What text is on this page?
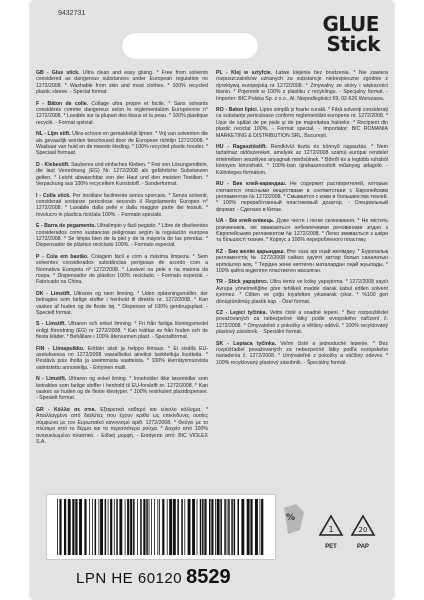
9432731	GLUE
Stick

GB - Glue stick. Ultra clean and easy gluing. * Free from solvents considered as dangerous substances under European regulation no 1272/2008. * Washable from skin and most clothes. * 100% recycled plastic sleeve. - Special format.

F - Bâton de colle. Collage ultra propre et facile. * Sans solvants considérés comme dangereux selon le réglementation Européenne n° 1272/2008. * Lavable sur la plupart des tissus et la peau. * 100% plastique recyclé. - Format spécial.

NL - Lijm stift. Ultra-schoon en gemakkelijk lijmen. * Vrij van solventen die als gevaarlijk worden beschouwd door de Europese richtlijn 1272/2008. * Wasbaar van huid en de meeste kleding. * 100% recycled plastic houder. * Speciaal formaat.

D - Klebestift. Sauberes und einfaches Kleben. * Frei von Lösungsmitteln, die laut Verordnung (EG) Nr. 1272/2008 als gefährliche Substanzen gelten. * Leicht abwaschbar von der Haut und den meisten Textilien. * Verpackung aus 100% recyceltem Kunststoff. - Sonderformat.

I - Colla stick. Per incollare facilmente senza sporcare. * Senza solventi, considerati sostanze pericolose secondo il Regolamento Europeo n° 1272/2008. * Lavabile dalla pelle e dalla maggior parte dei tessuti. * Involucro in plastica riciclata 100%. - Formato speciale.

E - Barra de pegamento. Ultralimpio y fácil pegado. * Libre de disolventes considerados como sustancias peligrosas según la regulación europea 1272/2008. * Se limpia bien de la piel y de la mayoría de las prendas. * Dispensador de plástico reciclado 100%. - Formato especial.

P - Cola em bastão. Colagem fácil e com a máxima limpeza. * Sem solventes considerados substâncias perigosas de acordo com a Normativa Europeia nº 1272/2008. * Lavável na pele e na maioria da roupa. * Dispensador de plástico 100% reciclado. - Formato especial. - Fabricado na China.

DK - Limstift. Ultraren og nem limning. * Uden opløsningsmidler, der betragtes som farlige stoffer i henhold til direktiv nr. 1272/2008. * Kan vaskes af huden og de fleste tøj. * Dispenser af 100% genbrugsplast. - Specielt format.

S - Limstift. Ultraren och enkel limning. * Fri från farliga lösningsmedel enligt förordning (EG) nr 1272/2008. * Kan tvättas av från huden och de flesta kläder. * Behållare i 100% återvunnen plast. - Specialformat.

FIN - Liimapuikko. Erittäin siisti ja helppo liimaus. * Ei sisällä EU-asetuksessa no 1272/2008 vaarallisiksi aineiksi luokiteltuja liuotteita. * Pestävä pois iholta ja useimmista vaatteista. * 100% kierrätysmuovista valmistettu annostelija. - Erityinen malli.

N - Limstift. Ultraren og enkel liming. * Inneholder ikke løsemidler som betraktes som farlige stoffer i henhold til EU-forskrift nr. 1272/2008. * Kan vaskes av huden og de fleste klestyper. * 100% resirkulert plastdispenser. - Spesielt format.

GR - Κόλλα σε στικ. Εξαιρετικά καθαρό και εύκολο κόλλημα. * Απαλλαγμένο από διαλύτες που έχουν κριθεί ως επικίνδυνες ουσίες σύμφωνα με τον Ευρωπαϊκό κανονισμό αριθ. 1272/2008. * Φεύγει με το πλύσιμο από το δέρμα και τα περισσότερα ρούχα. * Δοχείο από 100% ανακυκλωμένο πλαστικό. - Ειδική μορφή. - Εισάγεται από: BIC VIOLEX S.A.

PL - Klej w sztyfcie. Łatwe klejenie bez brudzenia. * Nie zawiera rozpuszczalników uznanych za substancje niebezpieczne zgodnie z dyrektywą europejską nr 1272/2008. * Zmywalny ze skóry i większości tkanin. * Pojemnik w 100% z plastiku z recyklingu. - Specjalny format. - Importer: BIC Polska Sp. z o.o., Al. Niepodległości 69, 02-626 Warszawa.

RO - Baton lipici. Lipire simplă și foarte curată. * Fără solvenți considerați ca substanțe periculoase conform reglementării europene nr. 1272/2008. * Ușor de spălat de pe piele și de pe majoritatea hainelor. * Recipient din plastic reciclat 100%. - Format special. - Importator: BIC ROMANIA MARKETING & DISTRIBUTION SRL, București.

HU - Ragasztóstift. Rendkívül tiszta és könnyű ragasztás. * Nem tartalmaz oldószereket, amelyek az 1272/2008 számú európai rendelet értelmében veszélyes anyagnak minősülnek. * Bőrről és a legtöbb ruhából könnyen kimosható. * 100%-ban újrahasznosított műanyag adagoló. - Különleges formátum.

RU - Бик клей-карандаш. Не содержит растворителей, которые считаются опасными веществами в соответствии с Европейским регламентом № 1272/2008. * Смывается с кожи и большинства тканей. * 100% переработанный пластиковый дозатор. - Специальный формат. - Сделано в Китае.

UA - Бік клей-олівець. Дуже чисте і легке склеювання. * Не містить розчинників, які вважаються небезпечними речовинами згідно з Європейським регламентом № 1272/2008. * Легко змивається з шкіри та більшості тканин. * Корпус з 100% переробленого пластику.

KZ - Бик желім қарындаш. Өте таза әрі оңай желімдеу. * Еуропалық регламенттің № 1272/2008 сәйкес қауіпті заттар болып саналатын еріткіштер жоқ. * Теріден және көптеген маталардан оңай жуылады. * 100% қайта өңделген пластиктен жасалған.

TR - Stick yapıştırıcı. Ultra temiz ve kolay yapıştırma. * 1272/2008 sayılı Avrupa yönetmeliğine göre tehlikeli madde olarak kabul edilen solvent içermez. * Ciltten ve çoğu kıyafetten yıkanarak çıkar. * %100 geri dönüştürülmüş plastik kap. - Özel format.

CZ - Lepicí tyčinka. Velmi čisté a snadné lepení. * Bez rozpouštědel považovaných za nebezpečné látky podle evropského nařízení č. 1272/2008. * Omyvatelné z pokožky a většiny oděvů. * 100% recyklovaný plastový zásobník. - Speciální formát.

SK - Lepiaca tyčinka. Veľmi čisté a jednoduché lepenie. * Bez rozpúšťadiel považovaných za nebezpečné látky podľa európskeho nariadenia č. 1272/2008. * Umývateľné z pokožky a väčšiny odevov. * 100% recyklovaný plastový zásobník. - Špeciálny formát.

LPN HE 60120 8529
%
1
PET
20
PAP
